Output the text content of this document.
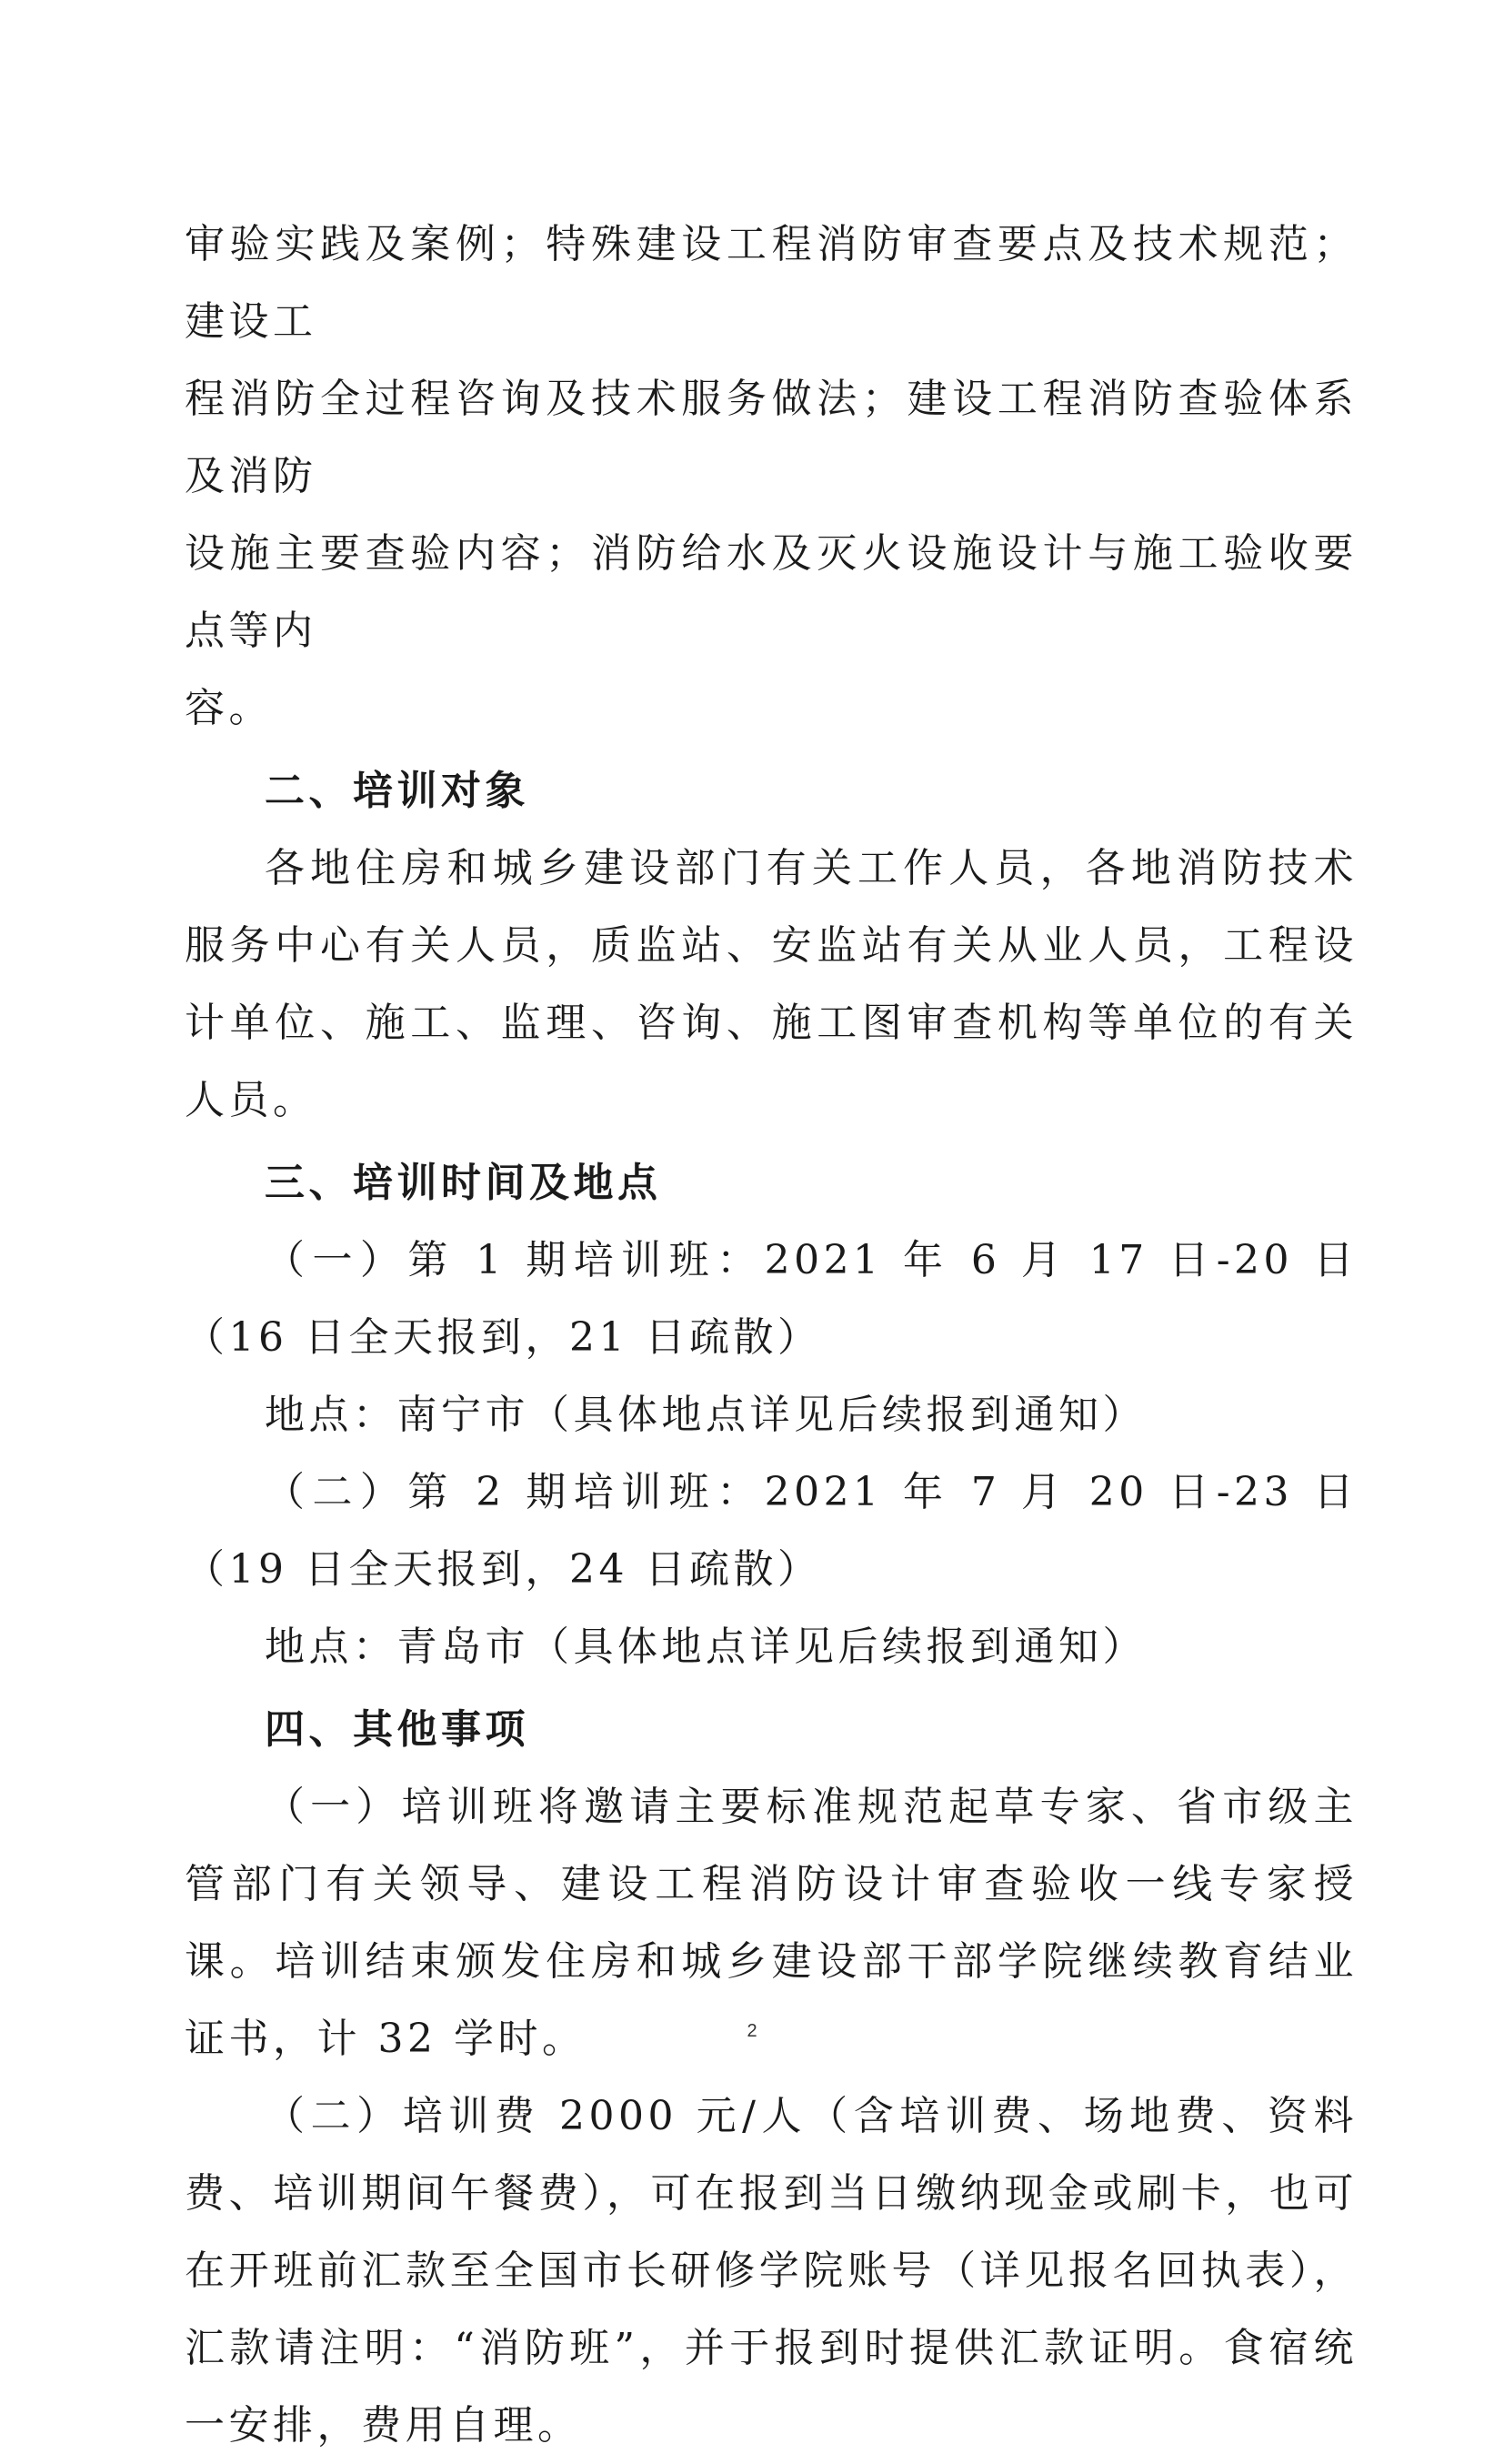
审验实践及案例；特殊建设工程消防审查要点及技术规范；建设工

程消防全过程咨询及技术服务做法；建设工程消防查验体系及消防

设施主要查验内容；消防给水及灭火设施设计与施工验收要点等内

容。

二、培训对象

各地住房和城乡建设部门有关工作人员，各地消防技术服务中心有关人员，质监站、安监站有关从业人员，工程设计单位、施工、监理、咨询、施工图审查机构等单位的有关人员。

三、培训时间及地点

（一）第 1 期培训班：2021 年 6 月 17 日-20 日（16 日全天报到，21 日疏散）

地点：南宁市（具体地点详见后续报到通知）

（二）第 2 期培训班：2021 年 7 月 20 日-23 日（19 日全天报到，24 日疏散）

地点：青岛市（具体地点详见后续报到通知）

四、其他事项

（一）培训班将邀请主要标准规范起草专家、省市级主管部门有关领导、建设工程消防设计审查验收一线专家授课。培训结束颁发住房和城乡建设部干部学院继续教育结业证书，计 32 学时。

（二）培训费 2000 元/人（含培训费、场地费、资料费、培训期间午餐费），可在报到当日缴纳现金或刷卡，也可在开班前汇款至全国市长研修学院账号（详见报名回执表），汇款请注明：“消防班”，并于报到时提供汇款证明。食宿统一安排，费用自理。

2
